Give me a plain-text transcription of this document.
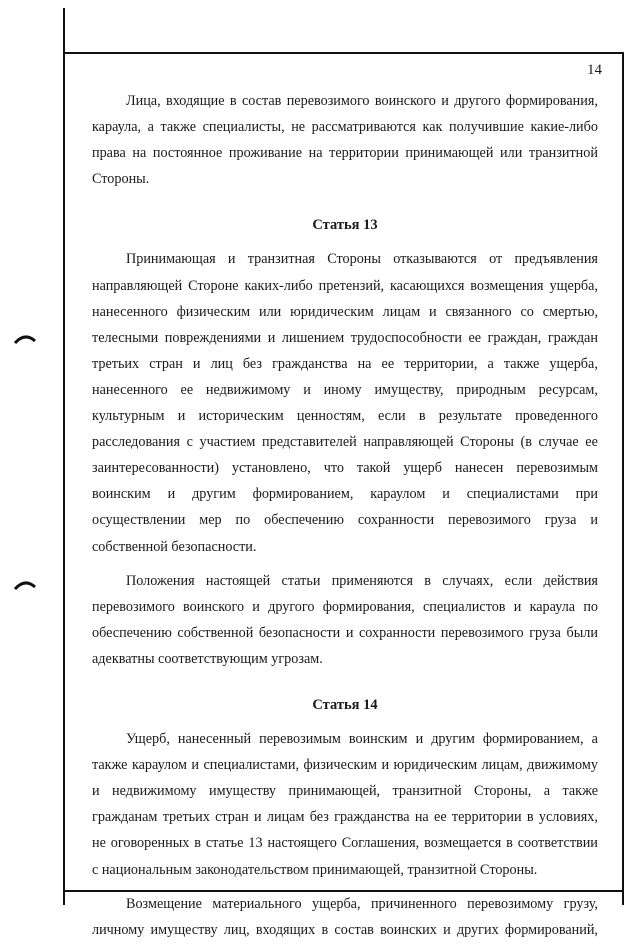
14
Лица, входящие в состав перевозимого воинского и другого формирования,
караула, а также специалисты, не рассматриваются как получившие какие-либо
права на постоянное проживание на территории принимающей или транзитной
Стороны.
Статья 13
Принимающая и транзитная Стороны отказываются от предъявления
направляющей Стороне каких-либо претензий, касающихся возмещения ущерба,
нанесенного физическим или юридическим лицам и связанного со смертью,
телесными повреждениями и лишением трудоспособности ее граждан, граждан
третьих стран и лиц без гражданства на ее территории, а также ущерба,
нанесенного ее недвижимому и иному имуществу, природным ресурсам,
культурным и историческим ценностям, если в результате проведенного
расследования с участием представителей направляющей Стороны (в случае ее
заинтересованности) установлено, что такой ущерб нанесен перевозимым
воинским и другим формированием, караулом и специалистами при
осуществлении мер по обеспечению сохранности перевозимого груза и
собственной безопасности.
Положения настоящей статьи применяются в случаях, если действия
перевозимого воинского и другого формирования, специалистов и караула по
обеспечению собственной безопасности и сохранности перевозимого груза были
адекватны соответствующим угрозам.
Статья 14
Ущерб, нанесенный перевозимым воинским и другим формированием, а
также караулом и специалистами, физическим и юридическим лицам, движимому
и недвижимому имуществу принимающей, транзитной Стороны, а также
гражданам третьих стран и лицам без гражданства на ее территории в условиях,
не оговоренных в статье 13 настоящего Соглашения, возмещается в соответствии
с национальным законодательством принимающей, транзитной Стороны.
Возмещение материального ущерба, причиненного перевозимому грузу,
личному имуществу лиц, входящих в состав воинских и других формирований,
